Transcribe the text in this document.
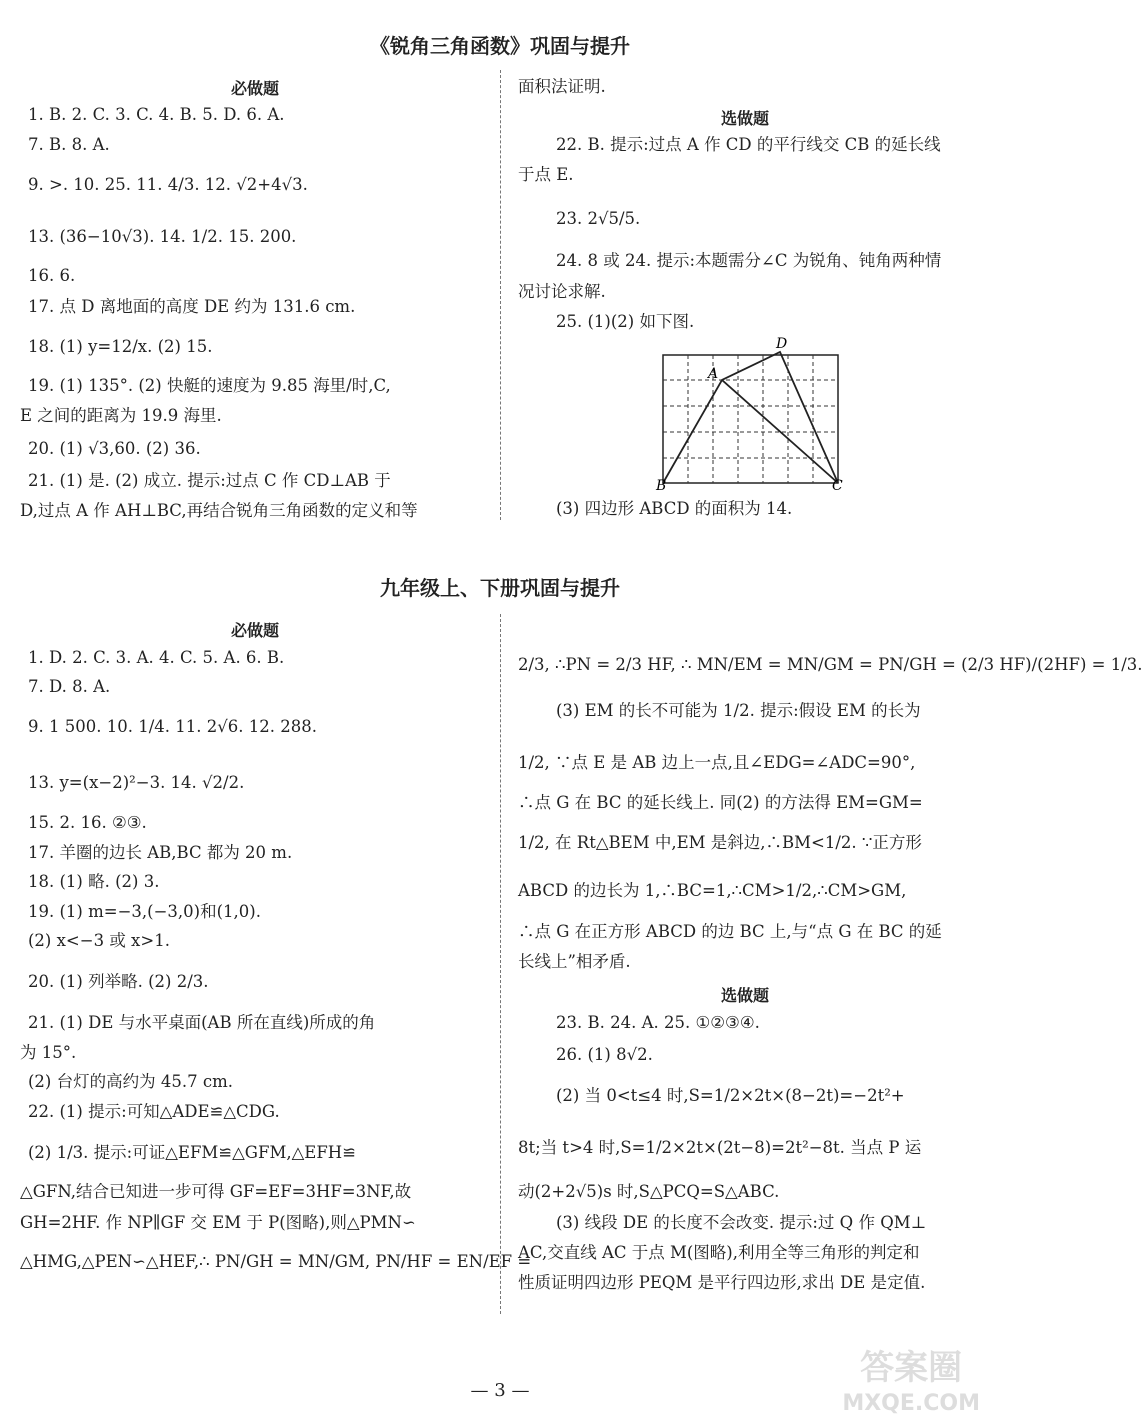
《锐角三角函数》巩固与提升
必做题
1. B. 2. C. 3. C. 4. B. 5. D. 6. A.
7. B. 8. A.
9. >. 10. 25. 11. 4/3. 12. √2+4√3.
13. (36−10√3). 14. 1/2. 15. 200.
16. 6.
17. 点 D 离地面的高度 DE 约为 131.6 cm.
18. (1) y=12/x. (2) 15.
19. (1) 135°. (2) 快艇的速度为 9.85 海里/时,C,
E 之间的距离为 19.9 海里.
20. (1) √3,60. (2) 36.
21. (1) 是. (2) 成立. 提示:过点 C 作 CD⊥AB 于
D,过点 A 作 AH⊥BC,再结合锐角三角函数的定义和等
面积法证明.
选做题
22. B. 提示:过点 A 作 CD 的平行线交 CB 的延长线
于点 E.
23. 2√5/5.
24. 8 或 24. 提示:本题需分∠C 为锐角、钝角两种情
况讨论求解.
25. (1)(2) 如下图.
A
B	C
D
(3) 四边形 ABCD 的面积为 14.
九年级上、下册巩固与提升
必做题
1. D. 2. C. 3. A. 4. C. 5. A. 6. B.
7. D. 8. A.
9. 1 500. 10. 1/4. 11. 2√6. 12. 288.
13. y=(x−2)²−3. 14. √2/2.
15. 2. 16. ②③.
17. 羊圈的边长 AB,BC 都为 20 m.
18. (1) 略. (2) 3.
19. (1) m=−3,(−3,0)和(1,0).
(2) x<−3 或 x>1.
20. (1) 列举略. (2) 2/3.
21. (1) DE 与水平桌面(AB 所在直线)所成的角
为 15°.
(2) 台灯的高约为 45.7 cm.
22. (1) 提示:可知△ADE≌△CDG.
(2) 1/3. 提示:可证△EFM≌△GFM,△EFH≌
△GFN,结合已知进一步可得 GF=EF=3HF=3NF,故
GH=2HF. 作 NP∥GF 交 EM 于 P(图略),则△PMN∽
△HMG,△PEN∽△HEF,∴ PN/GH = MN/GM, PN/HF = EN/EF =
2/3, ∴PN = 2/3 HF, ∴ MN/EM = MN/GM = PN/GH = (2/3 HF)/(2HF) = 1/3.
(3) EM 的长不可能为 1/2. 提示:假设 EM 的长为
1/2, ∵点 E 是 AB 边上一点,且∠EDG=∠ADC=90°,
∴点 G 在 BC 的延长线上. 同(2) 的方法得 EM=GM=
1/2, 在 Rt△BEM 中,EM 是斜边,∴BM<1/2. ∵正方形
ABCD 的边长为 1,∴BC=1,∴CM>1/2,∴CM>GM,
∴点 G 在正方形 ABCD 的边 BC 上,与“点 G 在 BC 的延
长线上”相矛盾.
选做题
23. B. 24. A. 25. ①②③④.
26. (1) 8√2.
(2) 当 0<t≤4 时,S=1/2×2t×(8−2t)=−2t²+
8t;当 t>4 时,S=1/2×2t×(2t−8)=2t²−8t. 当点 P 运
动(2+2√5)s 时,S△PCQ=S△ABC.
(3) 线段 DE 的长度不会改变. 提示:过 Q 作 QM⊥
AC,交直线 AC 于点 M(图略),利用全等三角形的判定和
性质证明四边形 PEQM 是平行四边形,求出 DE 是定值.
— 3 —
答案圈
MXQE.COM
